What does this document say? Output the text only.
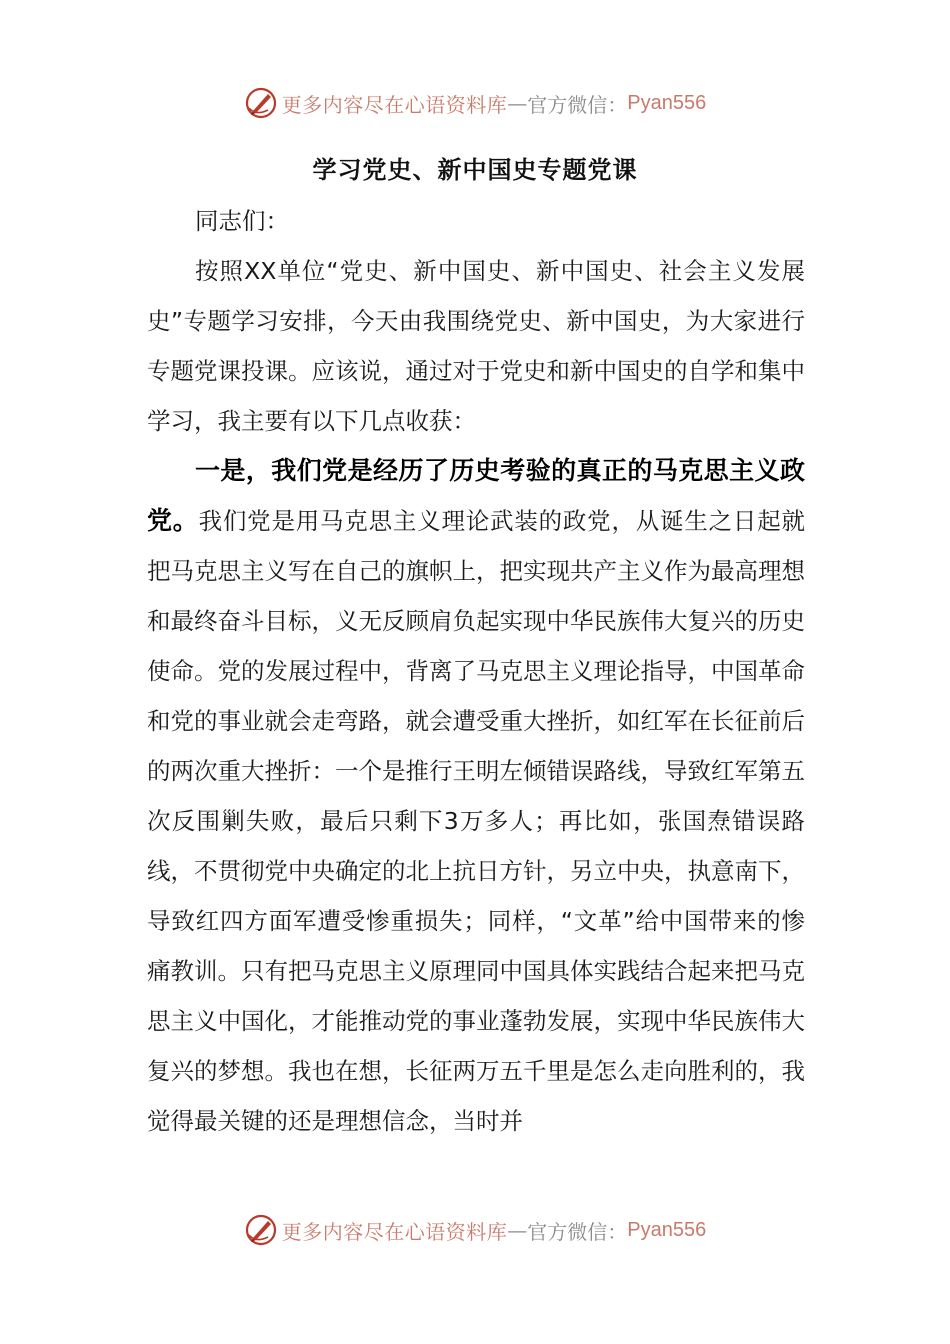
更多内容尽在心语资料库 — 官方微信： Pyan556
学习党史、新中国史专题党课

同志们：

按照XX单位“党史、新中国史、新中国史、社会主义发展史”专题学习安排，今天由我围绕党史、新中国史，为大家进行专题党课投课。应该说，通过对于党史和新中国史的自学和集中学习，我主要有以下几点收获：

一是，我们党是经历了历史考验的真正的马克思主义政党。我们党是用马克思主义理论武装的政党，从诞生之日起就把马克思主义写在自己的旗帜上，把实现共产主义作为最高理想和最终奋斗目标，义无反顾肩负起实现中华民族伟大复兴的历史使命。党的发展过程中，背离了马克思主义理论指导，中国革命和党的事业就会走弯路，就会遭受重大挫折，如红军在长征前后的两次重大挫折：一个是推行王明左倾错误路线，导致红军第五次反围剿失败，最后只剩下3万多人；再比如，张国焘错误路线，不贯彻党中央确定的北上抗日方针，另立中央，执意南下，导致红四方面军遭受惨重损失；同样，“文革”给中国带来的惨痛教训。只有把马克思主义原理同中国具体实践结合起来把马克思主义中国化，才能推动党的事业蓬勃发展，实现中华民族伟大复兴的梦想。我也在想，长征两万五千里是怎么走向胜利的，我觉得最关键的还是理想信念，当时并

更多内容尽在心语资料库 — 官方微信： Pyan556
